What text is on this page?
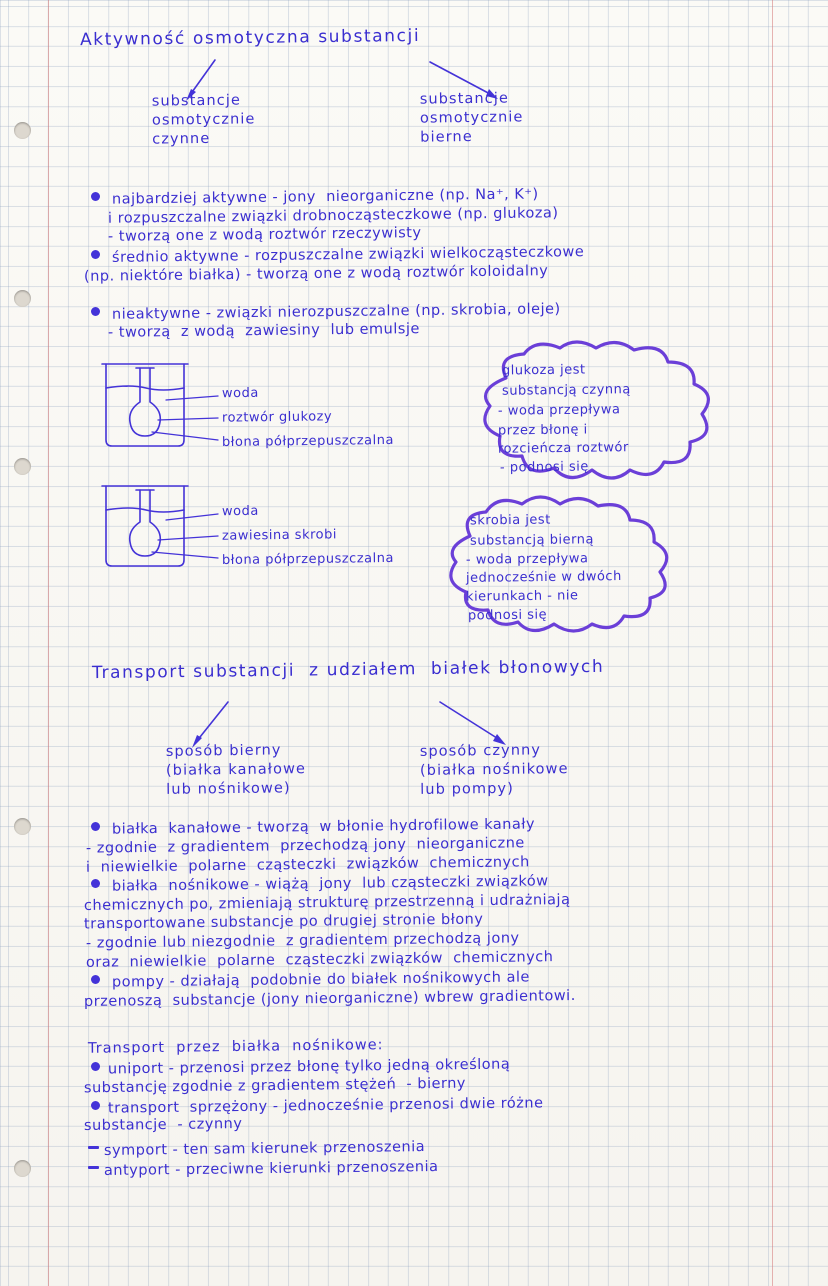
Aktywność osmotyczna substancji
substancje
osmotycznie
czynne
substancje
osmotycznie
bierne
najbardziej aktywne - jony  nieorganiczne (np. Na⁺, K⁺)
i rozpuszczalne związki drobnocząsteczkowe (np. glukoza)
- tworzą one z wodą roztwór rzeczywisty
średnio aktywne - rozpuszczalne związki wielkocząsteczkowe
(np. niektóre białka) - tworzą one z wodą roztwór koloidalny
nieaktywne - związki nierozpuszczalne (np. skrobia, oleje)
- tworzą  z wodą  zawiesiny  lub emulsje
woda
roztwór glukozy
błona półprzepuszczalna
glukoza jest
substancją czynną
- woda przepływa
przez błonę i
rozcieńcza roztwór
- podnosi się
woda
zawiesina skrobi
błona półprzepuszczalna
skrobia jest
substancją bierną
- woda przepływa
jednocześnie w dwóch
kierunkach - nie
podnosi się
Transport substancji  z udziałem  białek błonowych
sposób bierny
(białka kanałowe
lub nośnikowe)
sposób czynny
(białka nośnikowe
lub pompy)
białka  kanałowe - tworzą  w błonie hydrofilowe kanały
- zgodnie  z gradientem  przechodzą jony  nieorganiczne
i  niewielkie  polarne  cząsteczki  związków  chemicznych
białka  nośnikowe - wiążą  jony  lub cząsteczki związków
chemicznych po, zmieniają strukturę przestrzenną i udrażniają
transportowane substancje po drugiej stronie błony
- zgodnie lub niezgodnie  z gradientem przechodzą jony
oraz  niewielkie  polarne  cząsteczki związków  chemicznych
pompy - działają  podobnie do białek nośnikowych ale
przenoszą  substancje (jony nieorganiczne) wbrew gradientowi.
Transport  przez  białka  nośnikowe:
uniport - przenosi przez błonę tylko jedną określoną
substancję zgodnie z gradientem stężeń  - bierny
transport  sprzężony - jednocześnie przenosi dwie różne
substancje  - czynny
symport - ten sam kierunek przenoszenia
antyport - przeciwne kierunki przenoszenia
